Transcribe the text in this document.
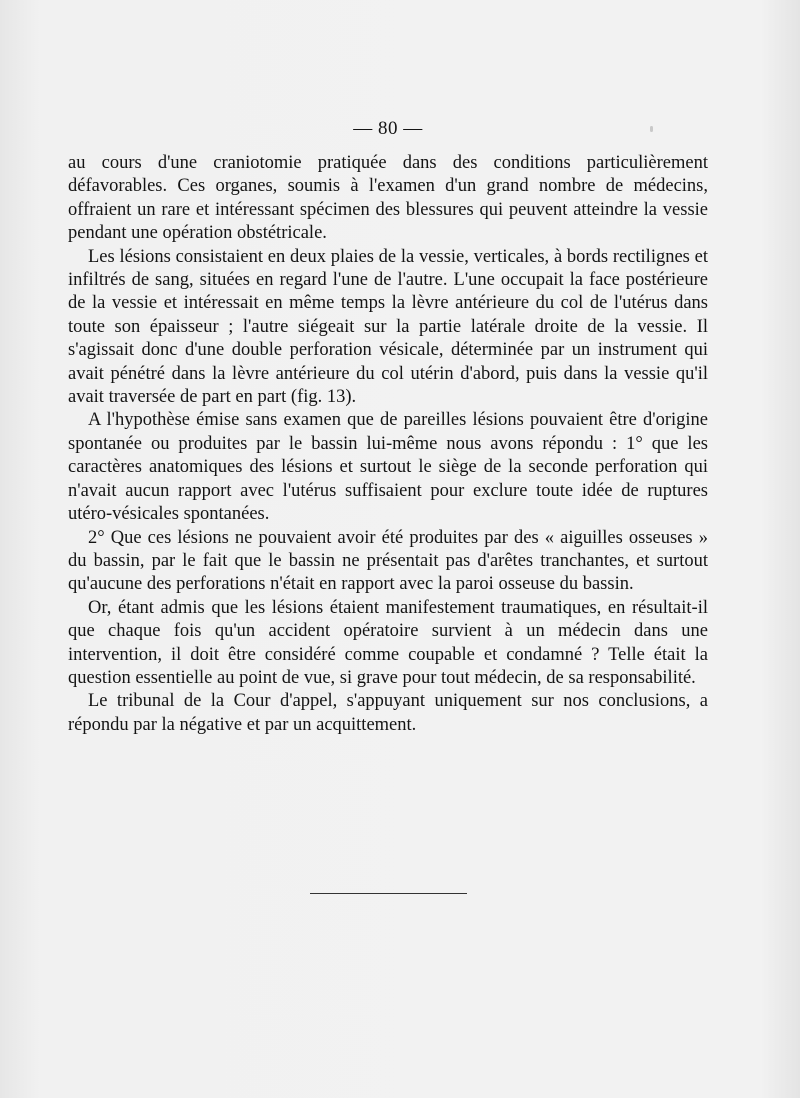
— 80 —

au cours d'une craniotomie pratiquée dans des conditions particulièrement défavorables. Ces organes, soumis à l'examen d'un grand nombre de médecins, offraient un rare et intéressant spécimen des blessures qui peuvent atteindre la vessie pendant une opération obstétricale.

Les lésions consistaient en deux plaies de la vessie, verticales, à bords rectilignes et infiltrés de sang, situées en regard l'une de l'autre. L'une occupait la face postérieure de la vessie et intéressait en même temps la lèvre antérieure du col de l'utérus dans toute son épaisseur ; l'autre siégeait sur la partie latérale droite de la vessie. Il s'agissait donc d'une double perforation vésicale, déterminée par un instrument qui avait pénétré dans la lèvre antérieure du col utérin d'abord, puis dans la vessie qu'il avait traversée de part en part (fig. 13).

A l'hypothèse émise sans examen que de pareilles lésions pouvaient être d'origine spontanée ou produites par le bassin lui-même nous avons répondu : 1° que les caractères anatomiques des lésions et surtout le siège de la seconde perforation qui n'avait aucun rapport avec l'utérus suffisaient pour exclure toute idée de ruptures utéro-vésicales spontanées.

2° Que ces lésions ne pouvaient avoir été produites par des « aiguilles osseuses » du bassin, par le fait que le bassin ne présentait pas d'arêtes tranchantes, et surtout qu'aucune des perforations n'était en rapport avec la paroi osseuse du bassin.

Or, étant admis que les lésions étaient manifestement traumatiques, en résultait-il que chaque fois qu'un accident opératoire survient à un médecin dans une intervention, il doit être considéré comme coupable et condamné ? Telle était la question essentielle au point de vue, si grave pour tout médecin, de sa responsabilité.

Le tribunal de la Cour d'appel, s'appuyant uniquement sur nos conclusions, a répondu par la négative et par un acquittement.
